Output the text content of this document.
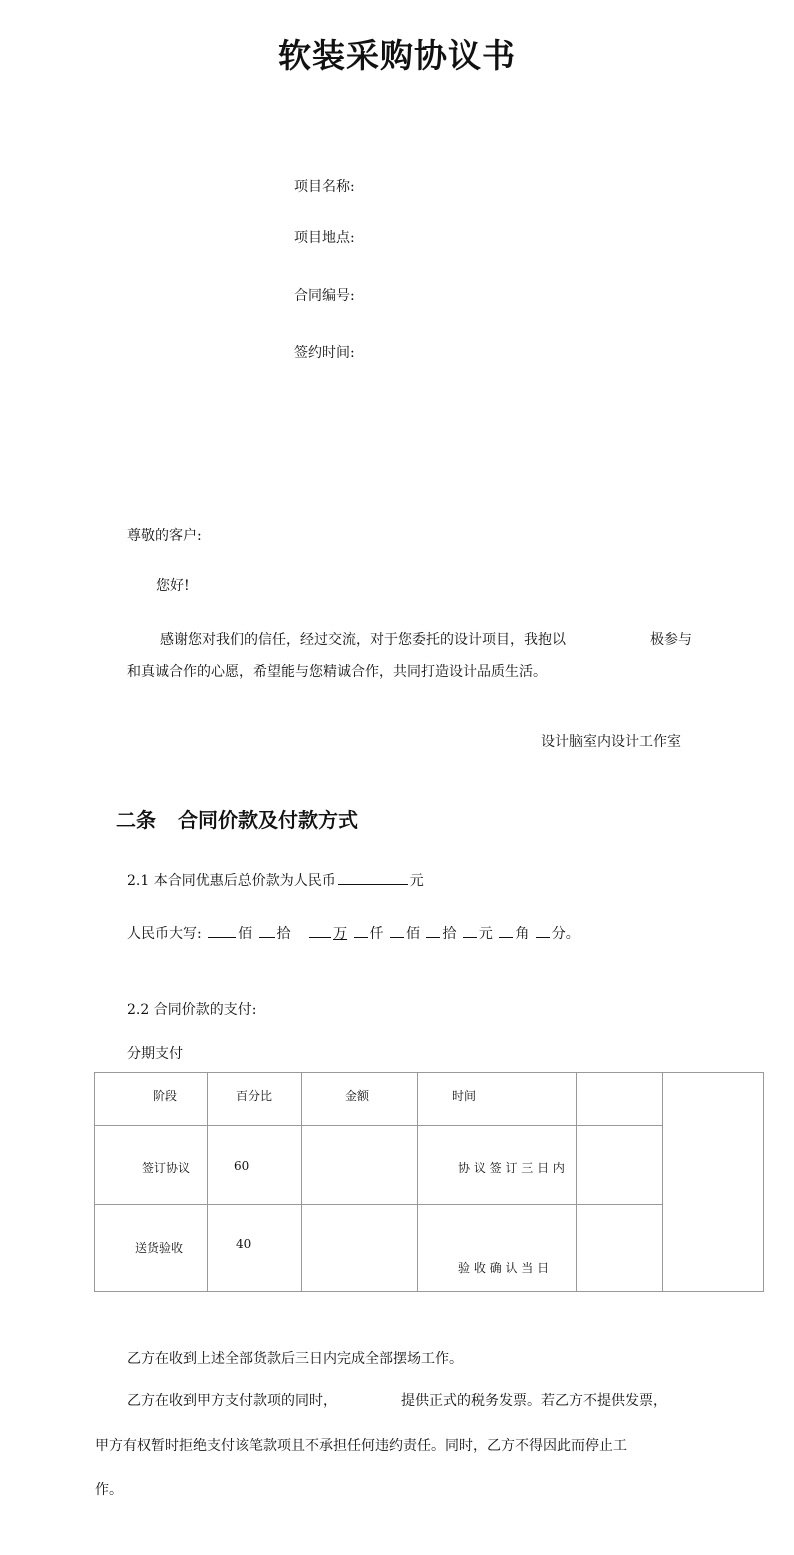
软装采购协议书
项目名称:
项目地点:
合同编号:
签约时间:
尊敬的客户:
您好!
感谢您对我们的信任，经过交流，对于您委托的设计项目，我抱以	极参与
和真诚合作的心愿，希望能与您精诚合作，共同打造设计品质生活。
设计脑室内设计工作室
二条 合同价款及付款方式
2.1 本合同优惠后总价款为人民币	元
人民币大写:	佰 拾	万 仟 佰 拾 元 角 分。
2.2 合同价款的支付:
分期支付
阶段	百分比	金额	时间		

签订协议	60		协 议 签 订 三 日 内		

送货验收	40		验 收 确 认 当 日		

乙方在收到上述全部货款后三日内完成全部摆场工作。
乙方在收到甲方支付款项的同时，	提供正式的税务发票。若乙方不提供发票，
甲方有权暂时拒绝支付该笔款项且不承担任何违约责任。同时，乙方不得因此而停止工
作。
